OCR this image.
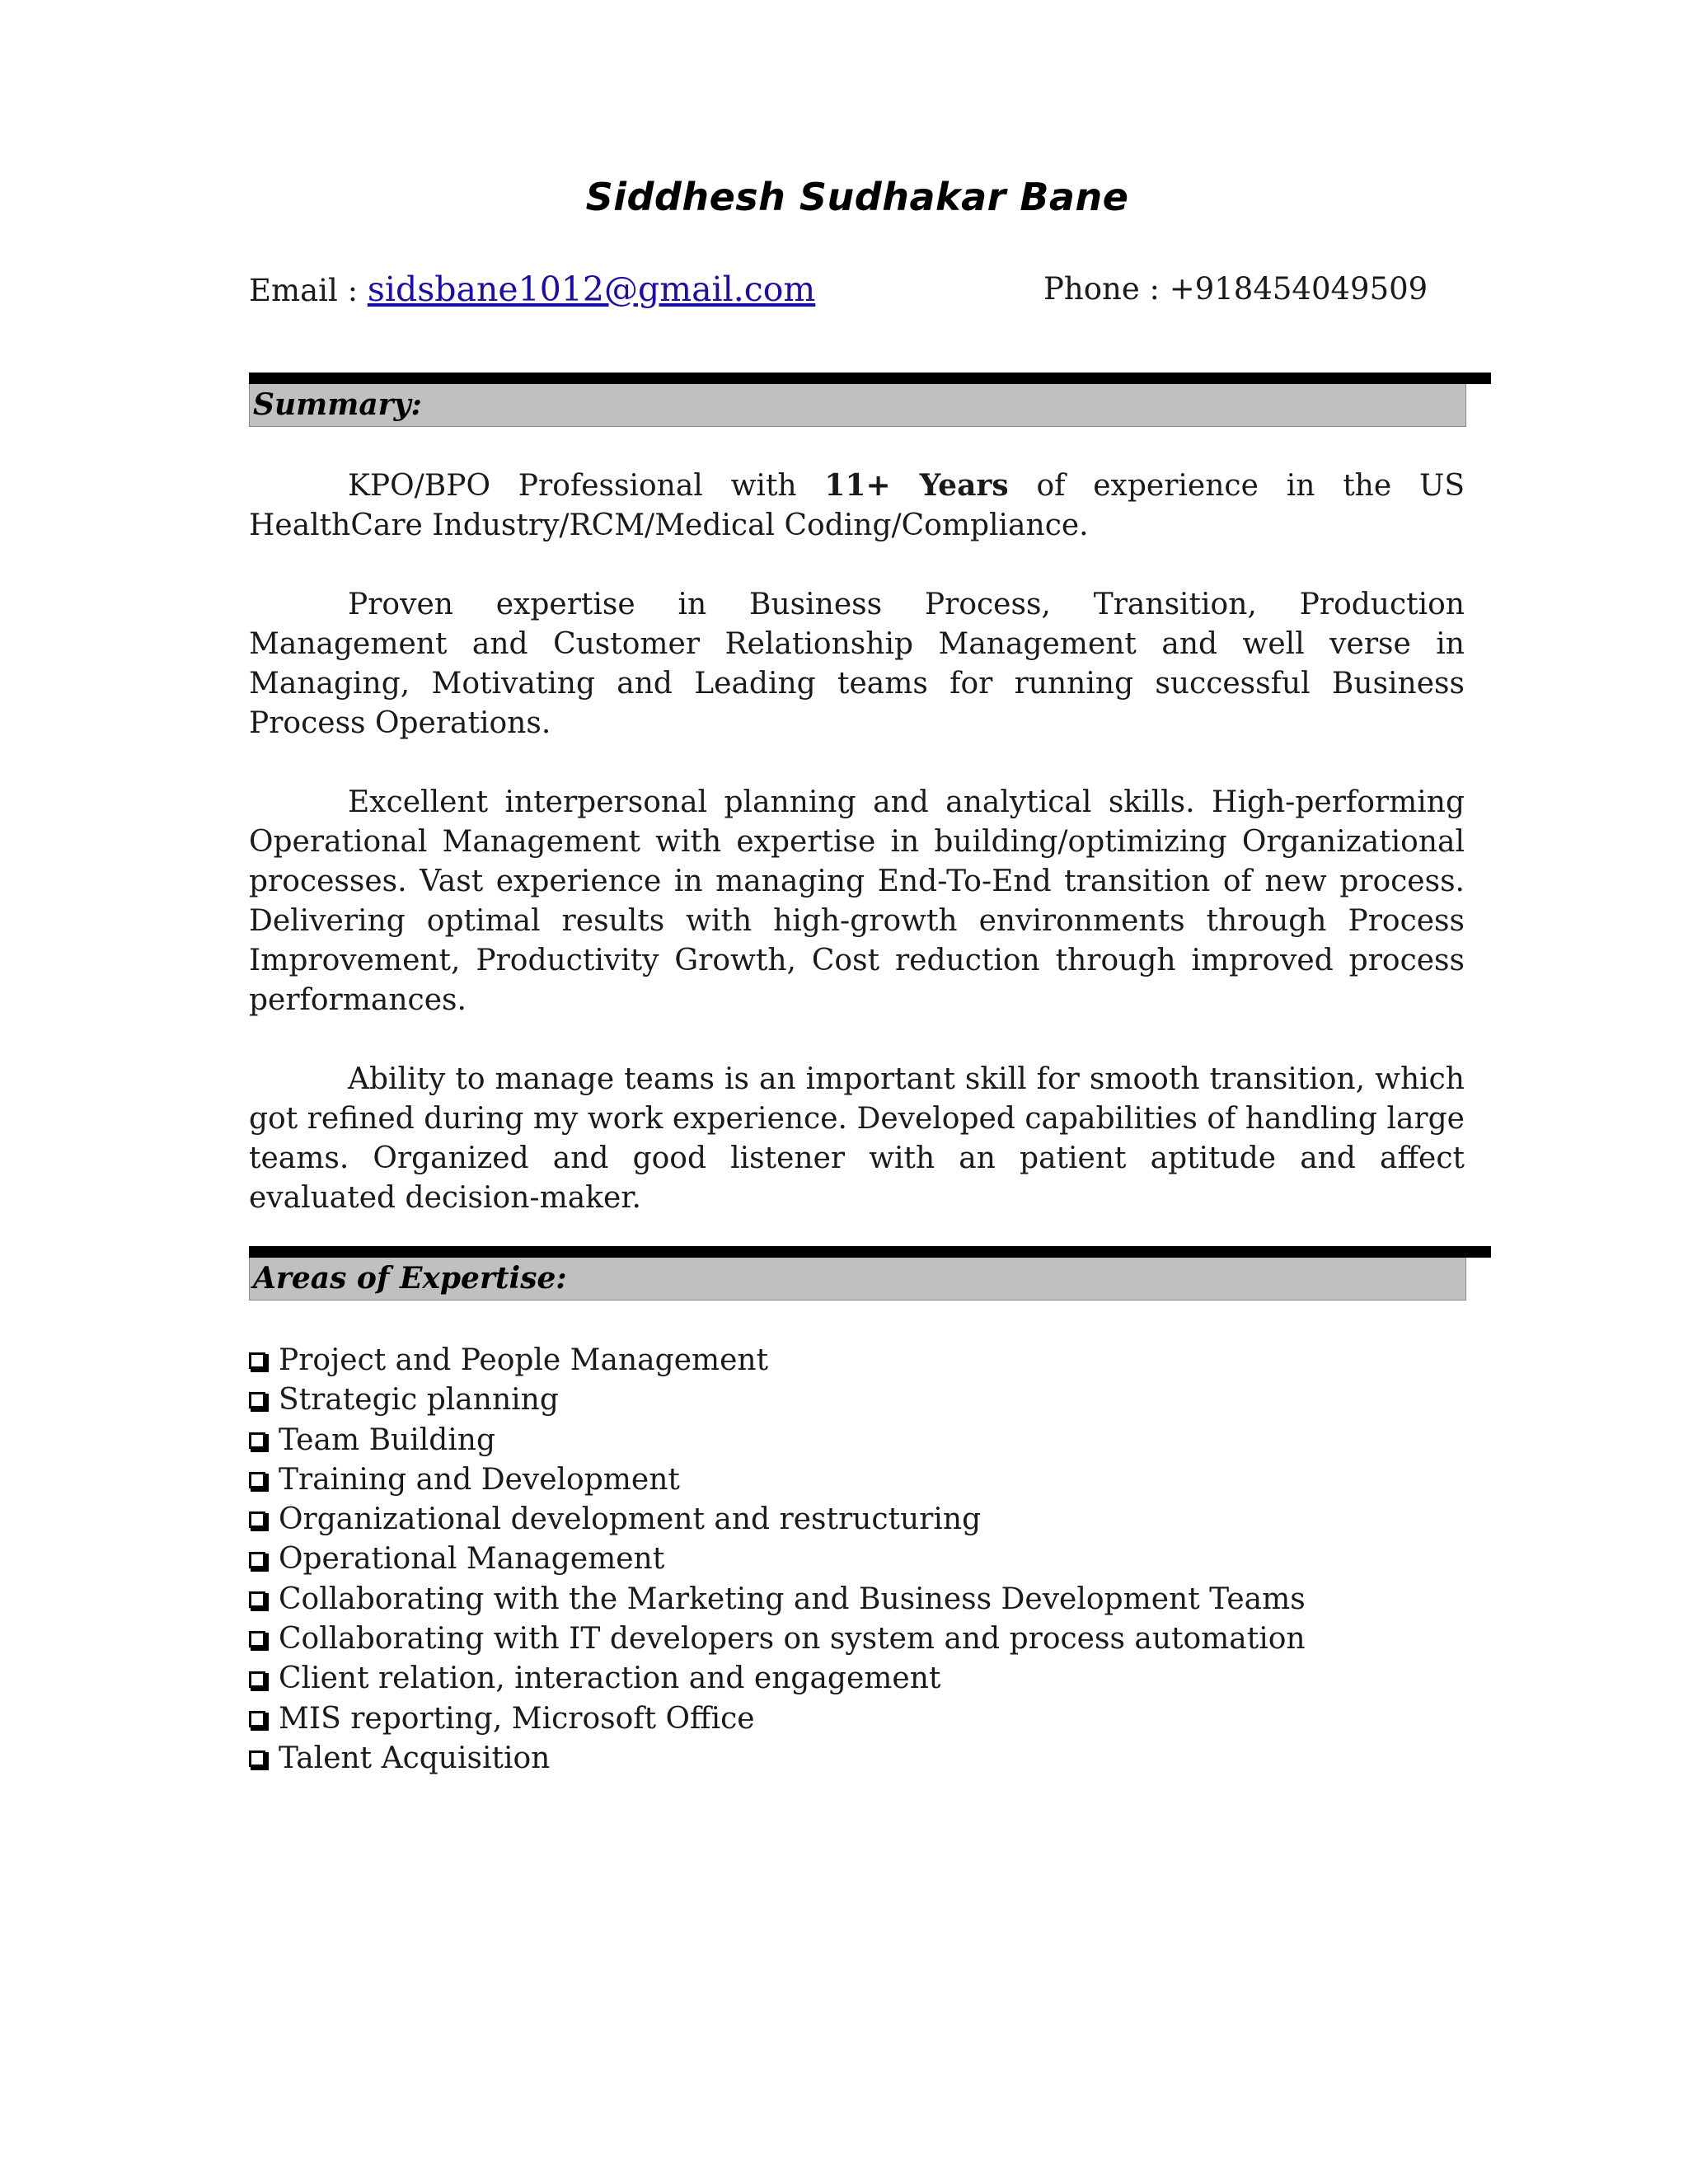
Siddhesh Sudhakar Bane
Email : sidsbane1012@gmail.com	Phone : +918454049509
Summary:

KPO/BPO Professional with 11+ Years of experience in the US HealthCare Industry/RCM/Medical Coding/Compliance.

Proven expertise in Business Process, Transition, Production Management and Customer Relationship Management and well verse in Managing, Motivating and Leading teams for running successful Business Process Operations.

Excellent interpersonal planning and analytical skills. High-performing Operational Management with expertise in building/optimizing Organizational processes. Vast experience in managing End-To-End transition of new process. Delivering optimal results with high-growth environments through Process Improvement, Productivity Growth, Cost reduction through improved process performances.

Ability to manage teams is an important skill for smooth transition, which got refined during my work experience. Developed capabilities of handling large teams. Organized and good listener with an patient aptitude and affect evaluated decision-maker.

Areas of Expertise:
Project and People Management
Strategic planning
Team Building
Training and Development
Organizational development and restructuring
Operational Management
Collaborating with the Marketing and Business Development Teams
Collaborating with IT developers on system and process automation
Client relation, interaction and engagement
MIS reporting, Microsoft Office
Talent Acquisition
